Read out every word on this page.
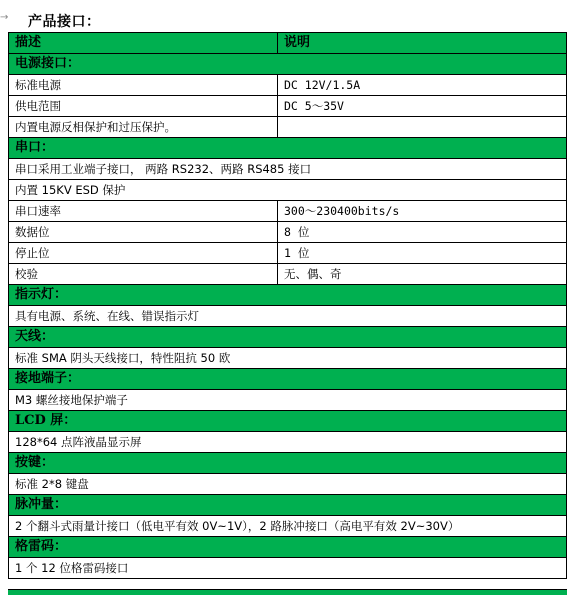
→ 产品接口：
描述	说明
电源接口：	
标准电源	DC 12V/1.5A
供电范围	DC 5～35V
内置电源反相保护和过压保护。	
串口：	
串口采用工业端子接口， 两路 RS232、两路 RS485 接口	
内置 15KV ESD 保护	
串口速率	300～230400bits/s
数据位	8 位
停止位	1 位
校验	无、偶、奇
指示灯：	
具有电源、系统、在线、错误指示灯	
天线：	
标准 SMA 阴头天线接口，特性阻抗 50 欧	
接地端子：	
M3 螺丝接地保护端子	
LCD 屏：	
128*64 点阵液晶显示屏	
按键：	
标准 2*8 键盘	
脉冲量：	
2 个翻斗式雨量计接口（低电平有效 0V~1V），2 路脉冲接口（高电平有效 2V~30V）	
格雷码：	
1 个 12 位格雷码接口	
